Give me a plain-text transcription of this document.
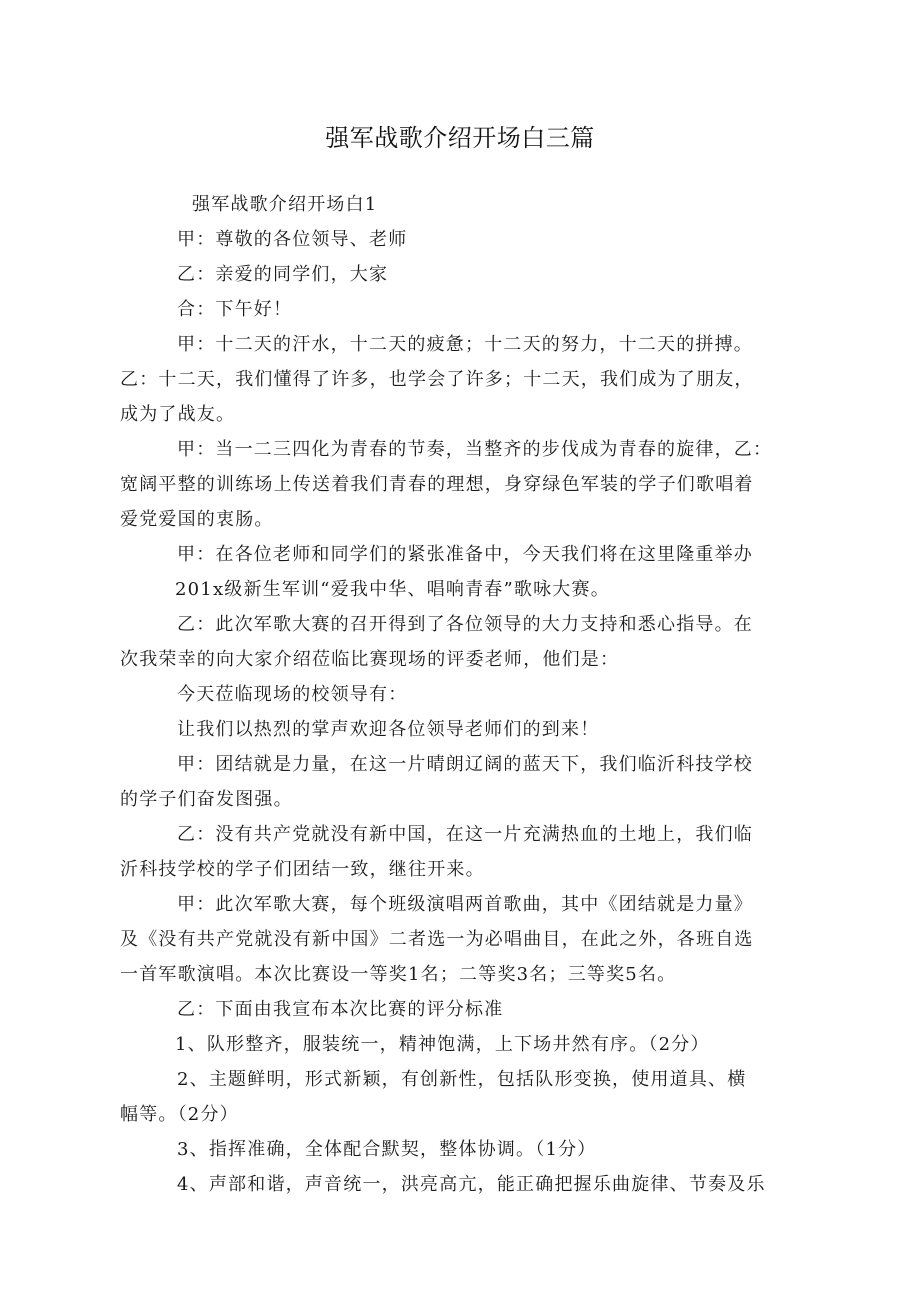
强军战歌介绍开场白三篇
强军战歌介绍开场白1
甲：尊敬的各位领导、老师
乙：亲爱的同学们，大家
合：下午好！
甲：十二天的汗水，十二天的疲惫；十二天的努力，十二天的拼搏。
乙：十二天，我们懂得了许多，也学会了许多；十二天，我们成为了朋友，
成为了战友。
甲：当一二三四化为青春的节奏，当整齐的步伐成为青春的旋律，乙：
宽阔平整的训练场上传送着我们青春的理想，身穿绿色军装的学子们歌唱着
爱党爱国的衷肠。
甲：在各位老师和同学们的紧张准备中，今天我们将在这里隆重举办
201x级新生军训“爱我中华、唱响青春”歌咏大赛。
乙：此次军歌大赛的召开得到了各位领导的大力支持和悉心指导。在
次我荣幸的向大家介绍莅临比赛现场的评委老师，他们是：
今天莅临现场的校领导有：
让我们以热烈的掌声欢迎各位领导老师们的到来！
甲：团结就是力量，在这一片晴朗辽阔的蓝天下，我们临沂科技学校
的学子们奋发图强。
乙：没有共产党就没有新中国，在这一片充满热血的土地上，我们临
沂科技学校的学子们团结一致，继往开来。
甲：此次军歌大赛，每个班级演唱两首歌曲，其中《团结就是力量》
及《没有共产党就没有新中国》二者选一为必唱曲目，在此之外，各班自选
一首军歌演唱。本次比赛设一等奖1名；二等奖3名；三等奖5名。
乙：下面由我宣布本次比赛的评分标准
1、队形整齐，服装统一，精神饱满，上下场井然有序。（2分）
2、主题鲜明，形式新颖，有创新性，包括队形变换，使用道具、横
幅等。（2分）
3、指挥准确，全体配合默契，整体协调。（1分）
4、声部和谐，声音统一，洪亮高亢，能正确把握乐曲旋律、节奏及乐
